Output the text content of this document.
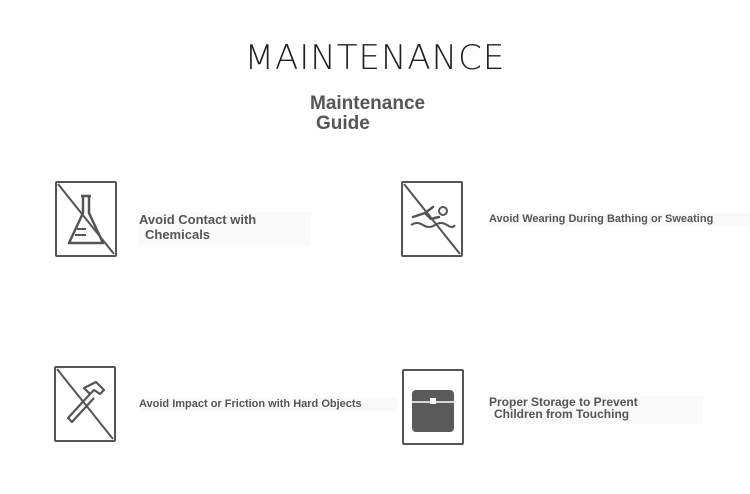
MAINTENANCE
Maintenance
Guide
Avoid Contact with
Chemicals
Avoid Wearing During Bathing or Sweating
Avoid Impact or Friction with Hard Objects	Proper Storage to Prevent
Children from Touching
